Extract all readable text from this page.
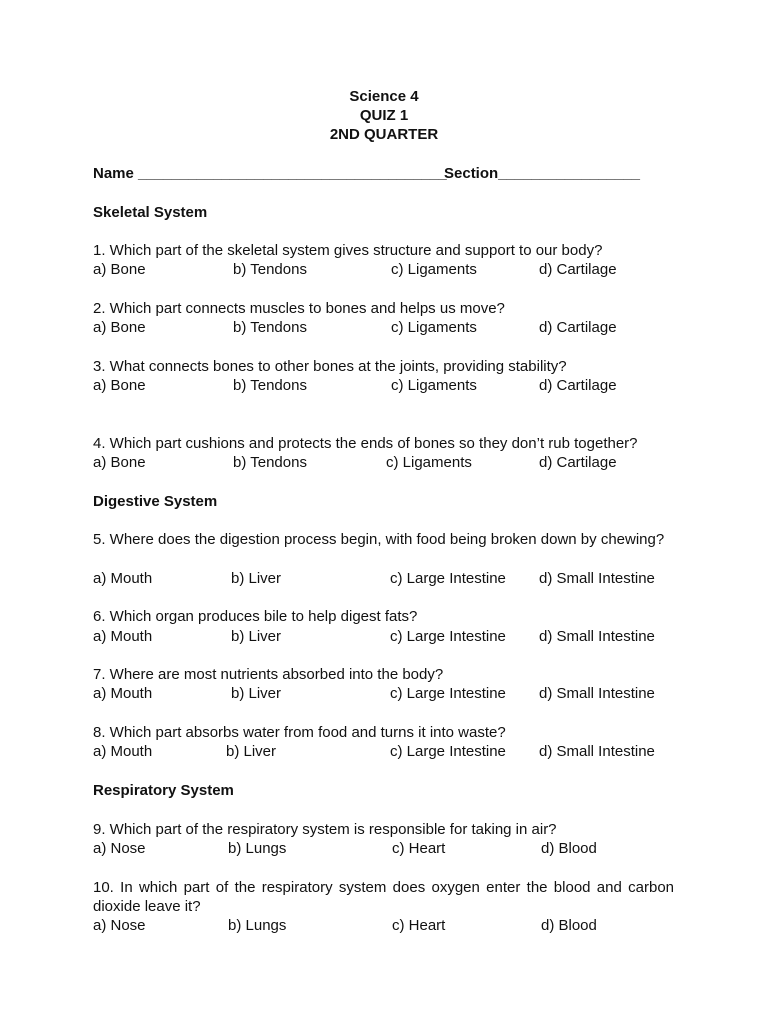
Science 4
QUIZ 1
2ND QUARTER
Name _____________________________________
Section_________________
Skeletal System
1. Which part of the skeletal system gives structure and support to our body?
a) Bone	b) Tendons	c) Ligaments	d) Cartilage
2. Which part connects muscles to bones and helps us move?
a) Bone	b) Tendons	c) Ligaments	d) Cartilage
3. What connects bones to other bones at the joints, providing stability?
a) Bone	b) Tendons	c) Ligaments	d) Cartilage
4. Which part cushions and protects the ends of bones so they don’t rub together?
a) Bone	b) Tendons	c) Ligaments	d) Cartilage
Digestive System
5. Where does the digestion process begin, with food being broken down by chewing?
a) Mouth	b) Liver	c) Large Intestine d) Small Intestine
6. Which organ produces bile to help digest fats?
a) Mouth	b) Liver	c) Large Intestine d) Small Intestine
7. Where are most nutrients absorbed into the body?
a) Mouth	b) Liver	c) Large Intestine d) Small Intestine
8. Which part absorbs water from food and turns it into waste?
a) Mouth	b) Liver	c) Large Intestine d) Small Intestine
Respiratory System
9. Which part of the respiratory system is responsible for taking in air?
a) Nose	b) Lungs	c) Heart	d) Blood
10. In which part of the respiratory system does oxygen enter the blood and carbon dioxide leave it?
a) Nose	b) Lungs	c) Heart	d) Blood
